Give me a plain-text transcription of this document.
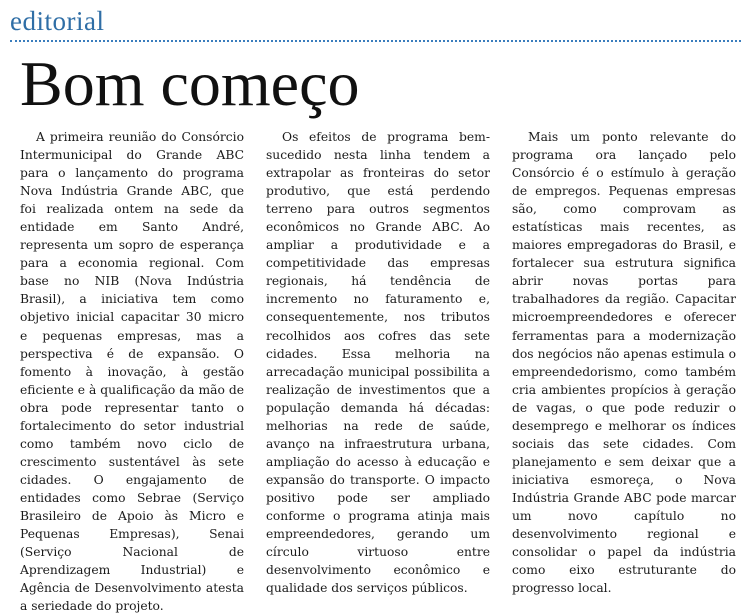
editorial
Bom começo

A primeira reunião do Consórcio Intermunicipal do Grande ABC para o lançamento do programa Nova Indústria Grande ABC, que foi realizada ontem na sede da entidade em Santo André, representa um sopro de esperança para a economia regional. Com base no NIB (Nova Indústria Brasil), a iniciativa tem como objetivo inicial capacitar 30 micro e pequenas empresas, mas a perspectiva é de expansão. O fomento à inovação, à gestão eficiente e à qualificação da mão de obra pode representar tanto o fortalecimento do setor industrial como também novo ciclo de crescimento sustentável às sete cidades. O engajamento de entidades como Sebrae (Serviço Brasileiro de Apoio às Micro e Pequenas Empresas), Senai (Serviço Nacional de Aprendizagem Industrial) e Agência de Desenvolvimento atesta a seriedade do projeto.

Os efeitos de programa bem-sucedido nesta linha tendem a extrapolar as fronteiras do setor produtivo, que está perdendo terreno para outros segmentos econômicos no Grande ABC. Ao ampliar a produtividade e a competitividade das empresas regionais, há tendência de incremento no faturamento e, consequentemente, nos tributos recolhidos aos cofres das sete cidades. Essa melhoria na arrecadação municipal possibilita a realização de investimentos que a população demanda há décadas: melhorias na rede de saúde, avanço na infraestrutura urbana, ampliação do acesso à educação e expansão do transporte. O impacto positivo pode ser ampliado conforme o programa atinja mais empreendedores, gerando um círculo virtuoso entre desenvolvimento econômico e qualidade dos serviços públicos.

Mais um ponto relevante do programa ora lançado pelo Consórcio é o estímulo à geração de empregos. Pequenas empresas são, como comprovam as estatísticas mais recentes, as maiores empregadoras do Brasil, e fortalecer sua estrutura significa abrir novas portas para trabalhadores da região. Capacitar microempreendedores e oferecer ferramentas para a modernização dos negócios não apenas estimula o empreendedorismo, como também cria ambientes propícios à geração de vagas, o que pode reduzir o desemprego e melhorar os índices sociais das sete cidades. Com planejamento e sem deixar que a iniciativa esmoreça, o Nova Indústria Grande ABC pode marcar um novo capítulo no desenvolvimento regional e consolidar o papel da indústria como eixo estruturante do progresso local.
